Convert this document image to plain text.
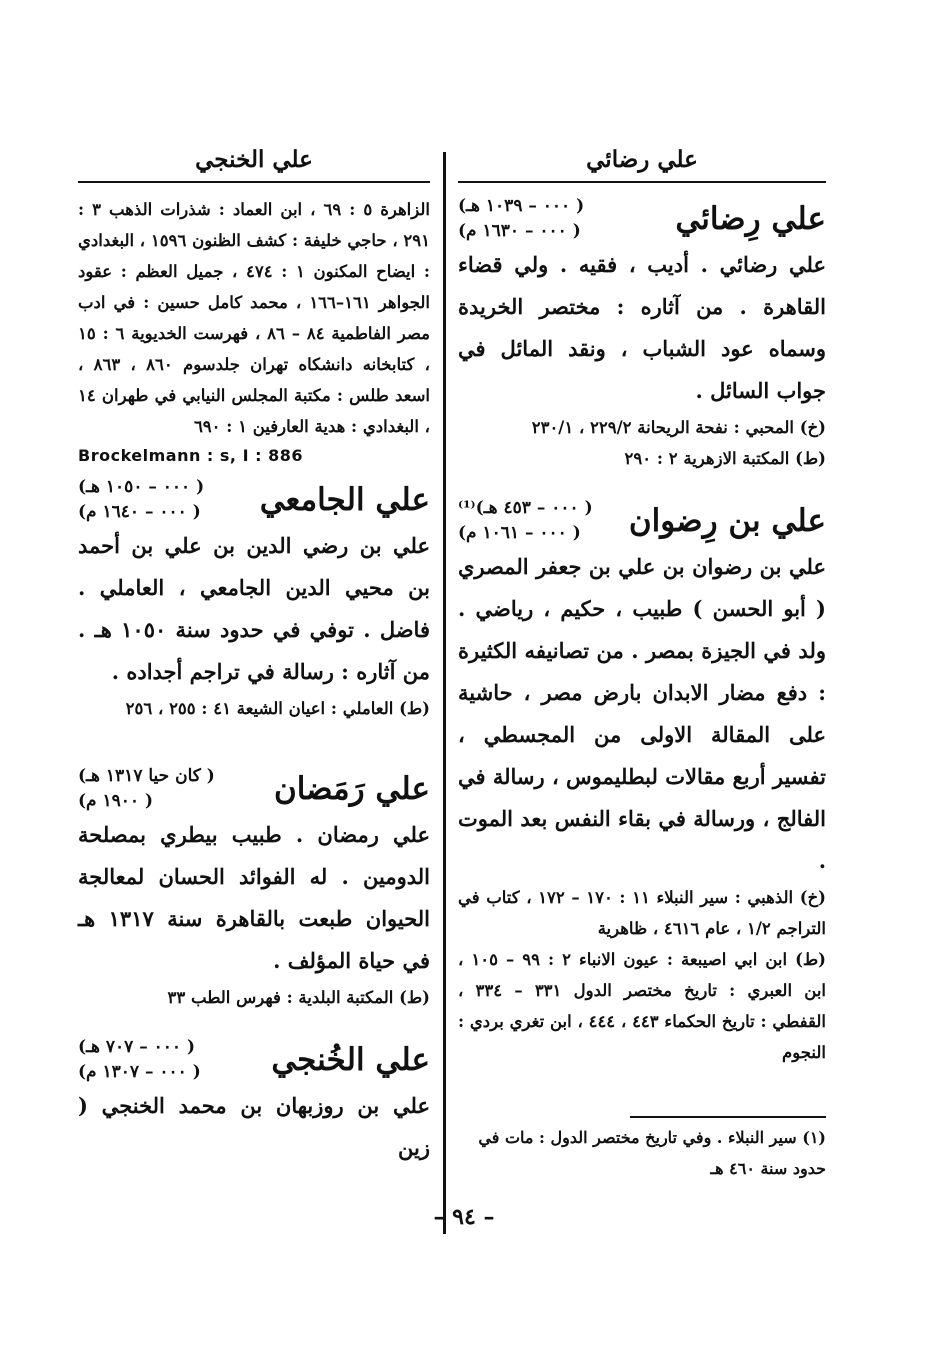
علي رضائي
علي رِضائي
( ٠٠٠ – ١٠٣٩ هـ)
( ٠٠٠ – ١٦٣٠ م)
علي رضائي . أديب ، فقيه . ولي قضاء القاهرة . من آثاره : مختصر الخريدة وسماه عود الشباب ، ونقد المائل في جواب السائل .
(خ) المحبي : نفحة الريحانة ٢٢٩/٢ ، ٢٣٠/١
(ط) المكتبة الازهرية ٢ : ٢٩٠
علي بن رِضوان
( ٠٠٠ – ٤٥٣ هـ)⁽¹⁾
( ٠٠٠ – ١٠٦١ م)
علي بن رضوان بن علي بن جعفر المصري ( أبو الحسن ) طبيب ، حكيم ، رياضي . ولد في الجيزة بمصر . من تصانيفه الكثيرة : دفع مضار الابدان بارض مصر ، حاشية على المقالة الاولى من المجسطي ، تفسير أربع مقالات لبطليموس ، رسالة في الفالج ، ورسالة في بقاء النفس بعد الموت .
(خ) الذهبي : سير النبلاء ١١ : ١٧٠ – ١٧٢ ، كتاب في التراجم ١/٢ ، عام ٤٦١٦ ، ظاهرية
(ط) ابن ابي اصيبعة : عيون الانباء ٢ : ٩٩ – ١٠٥ ، ابن العبري : تاريخ مختصر الدول ٣٣١ – ٣٣٤ ، القفطي : تاريخ الحكماء ٤٤٣ ، ٤٤٤ ، ابن تغري بردي : النجوم
علي الخنجي
الزاهرة ٥ : ٦٩ ، ابن العماد : شذرات الذهب ٣ : ٢٩١ ، حاجي خليفة : كشف الظنون ١٥٩٦ ، البغدادي : ايضاح المكنون ١ : ٤٧٤ ، جميل العظم : عقود الجواهر ١٦١–١٦٦ ، محمد كامل حسين : في ادب مصر الفاطمية ٨٤ – ٨٦ ، فهرست الخديوية ٦ : ١٥ ، كتابخانه دانشكاه تهران جلدسوم ٨٦٠ ، ٨٦٣ ، اسعد طلس : مكتبة المجلس النيابي في طهران ١٤ ، البغدادي : هدية العارفين ١ : ٦٩٠
Brockelmann : s, I : 886
علي الجامعي
( ٠٠٠ – ١٠٥٠ هـ)
( ٠٠٠ – ١٦٤٠ م)
علي بن رضي الدين بن علي بن أحمد بن محيي الدين الجامعي ، العاملي . فاضل . توفي في حدود سنة ١٠٥٠ هـ . من آثاره : رسالة في تراجم أجداده .
(ط) العاملي : اعيان الشيعة ٤١ : ٢٥٥ ، ٢٥٦
علي رَمَضان
( كان حيا ١٣١٧ هـ)
( ١٩٠٠ م)
علي رمضان . طبيب بيطري بمصلحة الدومين . له الفوائد الحسان لمعالجة الحيوان طبعت بالقاهرة سنة ١٣١٧ هـ في حياة المؤلف .
(ط) المكتبة البلدية : فهرس الطب ٣٣
علي الخُنجي
( ٠٠٠ – ٧٠٧ هـ)
( ٠٠٠ – ١٣٠٧ م)
علي بن روزبهان بن محمد الخنجي ( زين	(١) سير النبلاء . وفي تاريخ مختصر الدول : مات في حدود سنة ٤٦٠ هـ
– ٩٤ –
